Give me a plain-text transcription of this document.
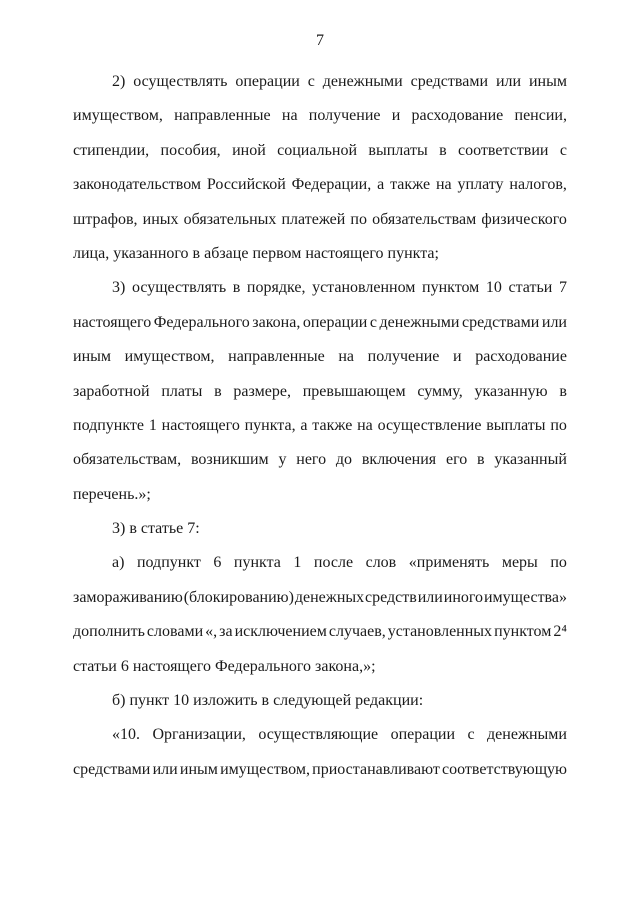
7
2) осуществлять операции с денежными средствами или иным
имуществом, направленные на получение и расходование пенсии,
стипендии, пособия, иной социальной выплаты в соответствии с
законодательством Российской Федерации, а также на уплату налогов,
штрафов, иных обязательных платежей по обязательствам физического
лица, указанного в абзаце первом настоящего пункта;
3) осуществлять в порядке, установленном пунктом 10 статьи 7
настоящего Федерального закона, операции с денежными средствами или
иным имуществом, направленные на получение и расходование
заработной платы в размере, превышающем сумму, указанную в
подпункте 1 настоящего пункта, а также на осуществление выплаты по
обязательствам, возникшим у него до включения его в указанный
перечень.»;
3) в статье 7:
а) подпункт 6 пункта 1 после слов «применять меры по
замораживанию (блокированию) денежных средств или иного имущества»
дополнить словами «, за исключением случаев, установленных пунктом 2⁴
статьи 6 настоящего Федерального закона,»;
б) пункт 10 изложить в следующей редакции:
«10. Организации, осуществляющие операции с денежными
средствами или иным имуществом, приостанавливают соответствующую
